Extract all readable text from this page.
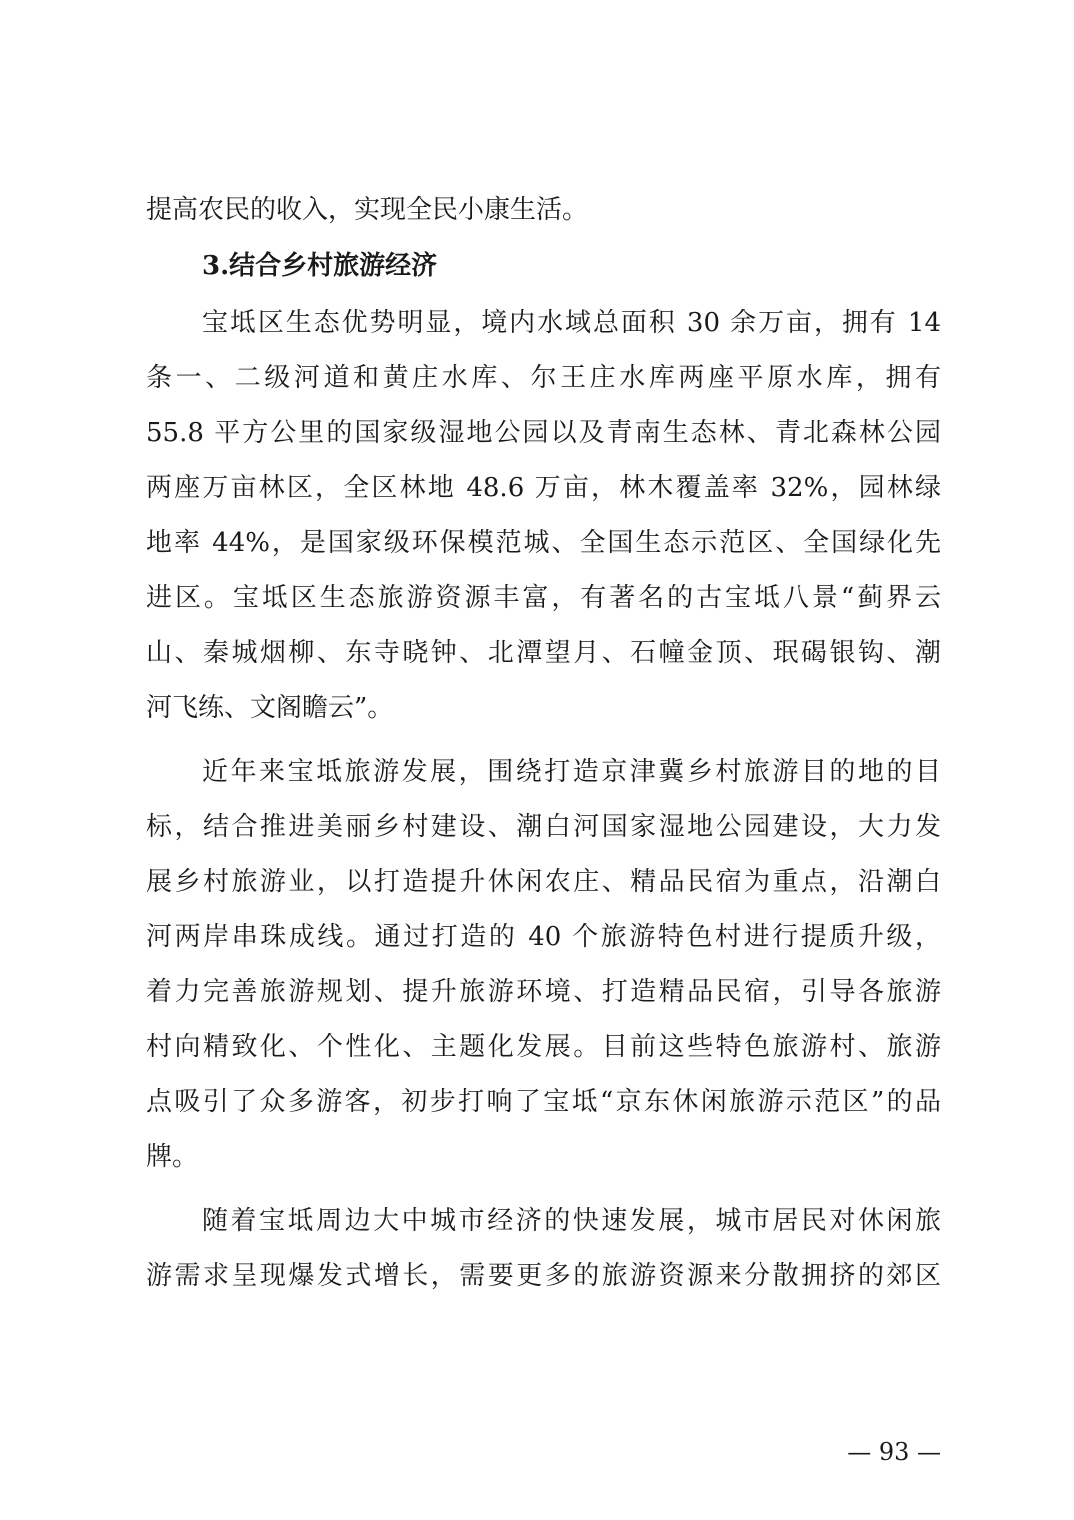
提高农民的收入，实现全民小康生活。
3.结合乡村旅游经济
宝坻区生态优势明显，境内水域总面积 30 余万亩，拥有 14
条一、二级河道和黄庄水库、尔王庄水库两座平原水库，拥有
55.8 平方公里的国家级湿地公园以及青南生态林、青北森林公园
两座万亩林区，全区林地 48.6 万亩，林木覆盖率 32%，园林绿
地率 44%，是国家级环保模范城、全国生态示范区、全国绿化先
进区。宝坻区生态旅游资源丰富，有著名的古宝坻八景“蓟界云
山、秦城烟柳、东寺晓钟、北潭望月、石幢金顶、珉碣银钩、潮
河飞练、文阁瞻云”。
近年来宝坻旅游发展，围绕打造京津冀乡村旅游目的地的目
标，结合推进美丽乡村建设、潮白河国家湿地公园建设，大力发
展乡村旅游业，以打造提升休闲农庄、精品民宿为重点，沿潮白
河两岸串珠成线。通过打造的 40 个旅游特色村进行提质升级，
着力完善旅游规划、提升旅游环境、打造精品民宿，引导各旅游
村向精致化、个性化、主题化发展。目前这些特色旅游村、旅游
点吸引了众多游客，初步打响了宝坻“京东休闲旅游示范区”的品
牌。
随着宝坻周边大中城市经济的快速发展，城市居民对休闲旅
游需求呈现爆发式增长，需要更多的旅游资源来分散拥挤的郊区
— 93 —
